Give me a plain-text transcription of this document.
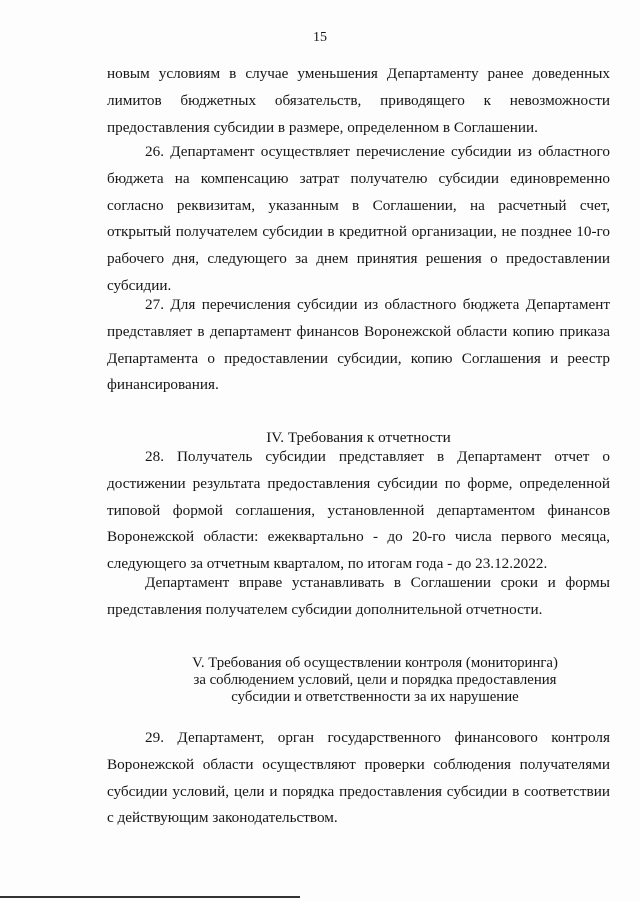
15

новым условиям в случае уменьшения Департаменту ранее доведенных лимитов бюджетных обязательств, приводящего к невозможности предоставления субсидии в размере, определенном в Соглашении.

26. Департамент осуществляет перечисление субсидии из областного бюджета на компенсацию затрат получателю субсидии единовременно согласно реквизитам, указанным в Соглашении, на расчетный счет, открытый получателем субсидии в кредитной организации, не позднее 10-го рабочего дня, следующего за днем принятия решения о предоставлении субсидии.

27. Для перечисления субсидии из областного бюджета Департамент представляет в департамент финансов Воронежской области копию приказа Департамента о предоставлении субсидии, копию Соглашения и реестр финансирования.

IV. Требования к отчетности

28. Получатель субсидии представляет в Департамент отчет о достижении результата предоставления субсидии по форме, определенной типовой формой соглашения, установленной департаментом финансов Воронежской области: ежеквартально - до 20-го числа первого месяца, следующего за отчетным кварталом, по итогам года - до 23.12.2022.

Департамент вправе устанавливать в Соглашении сроки и формы представления получателем субсидии дополнительной отчетности.

V. Требования об осуществлении контроля (мониторинга)
за соблюдением условий, цели и порядка предоставления
субсидии и ответственности за их нарушение

29. Департамент, орган государственного финансового контроля Воронежской области осуществляют проверки соблюдения получателями субсидии условий, цели и порядка предоставления субсидии в соответствии с действующим законодательством.
